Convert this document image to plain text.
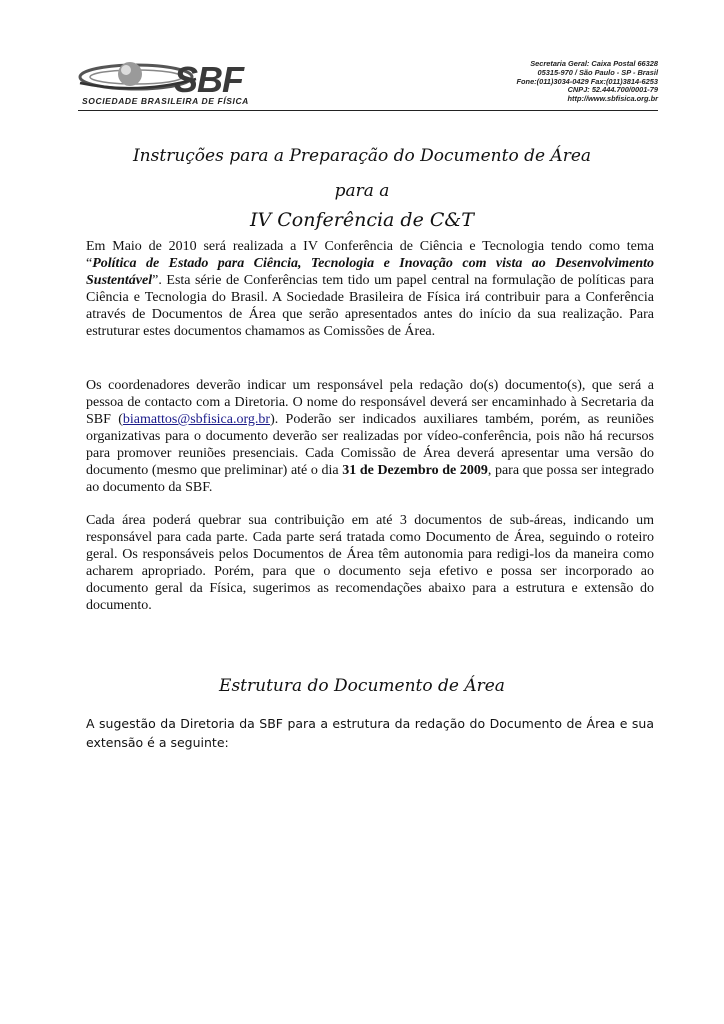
SBF
SOCIEDADE BRASILEIRA DE FÍSICA
Secretaria Geral: Caixa Postal 66328
05315-970 / São Paulo - SP - Brasil
Fone:(011)3034-0429 Fax:(011)3814-6253
CNPJ: 52.444.700/0001-79
http://www.sbfisica.org.br
Instruções para a Preparação do Documento de Área
para a
IV Conferência de C&T
Em Maio de 2010 será realizada a IV Conferência de Ciência e Tecnologia tendo como tema “Política de Estado para Ciência, Tecnologia e Inovação com vista ao Desenvolvimento Sustentável”. Esta série de Conferências tem tido um papel central na formulação de políticas para Ciência e Tecnologia do Brasil. A Sociedade Brasileira de Física irá contribuir para a Conferência através de Documentos de Área que serão apresentados antes do início da sua realização. Para estruturar estes documentos chamamos as Comissões de Área.
Os coordenadores deverão indicar um responsável pela redação do(s) documento(s), que será a pessoa de contacto com a Diretoria. O nome do responsável deverá ser encaminhado à Secretaria da SBF (biamattos@sbfisica.org.br). Poderão ser indicados auxiliares também, porém, as reuniões organizativas para o documento deverão ser realizadas por vídeo-conferência, pois não há recursos para promover reuniões presenciais. Cada Comissão de Área deverá apresentar uma versão do documento (mesmo que preliminar) até o dia 31 de Dezembro de 2009, para que possa ser integrado ao documento da SBF.
Cada área poderá quebrar sua contribuição em até 3 documentos de sub-áreas, indicando um responsável para cada parte. Cada parte será tratada como Documento de Área, seguindo o roteiro geral. Os responsáveis pelos Documentos de Área têm autonomia para redigi-los da maneira como acharem apropriado. Porém, para que o documento seja efetivo e possa ser incorporado ao documento geral da Física, sugerimos as recomendações abaixo para a estrutura e extensão do documento.
Estrutura do Documento de Área
A sugestão da Diretoria da SBF para a estrutura da redação do Documento de Área e sua extensão é a seguinte:
